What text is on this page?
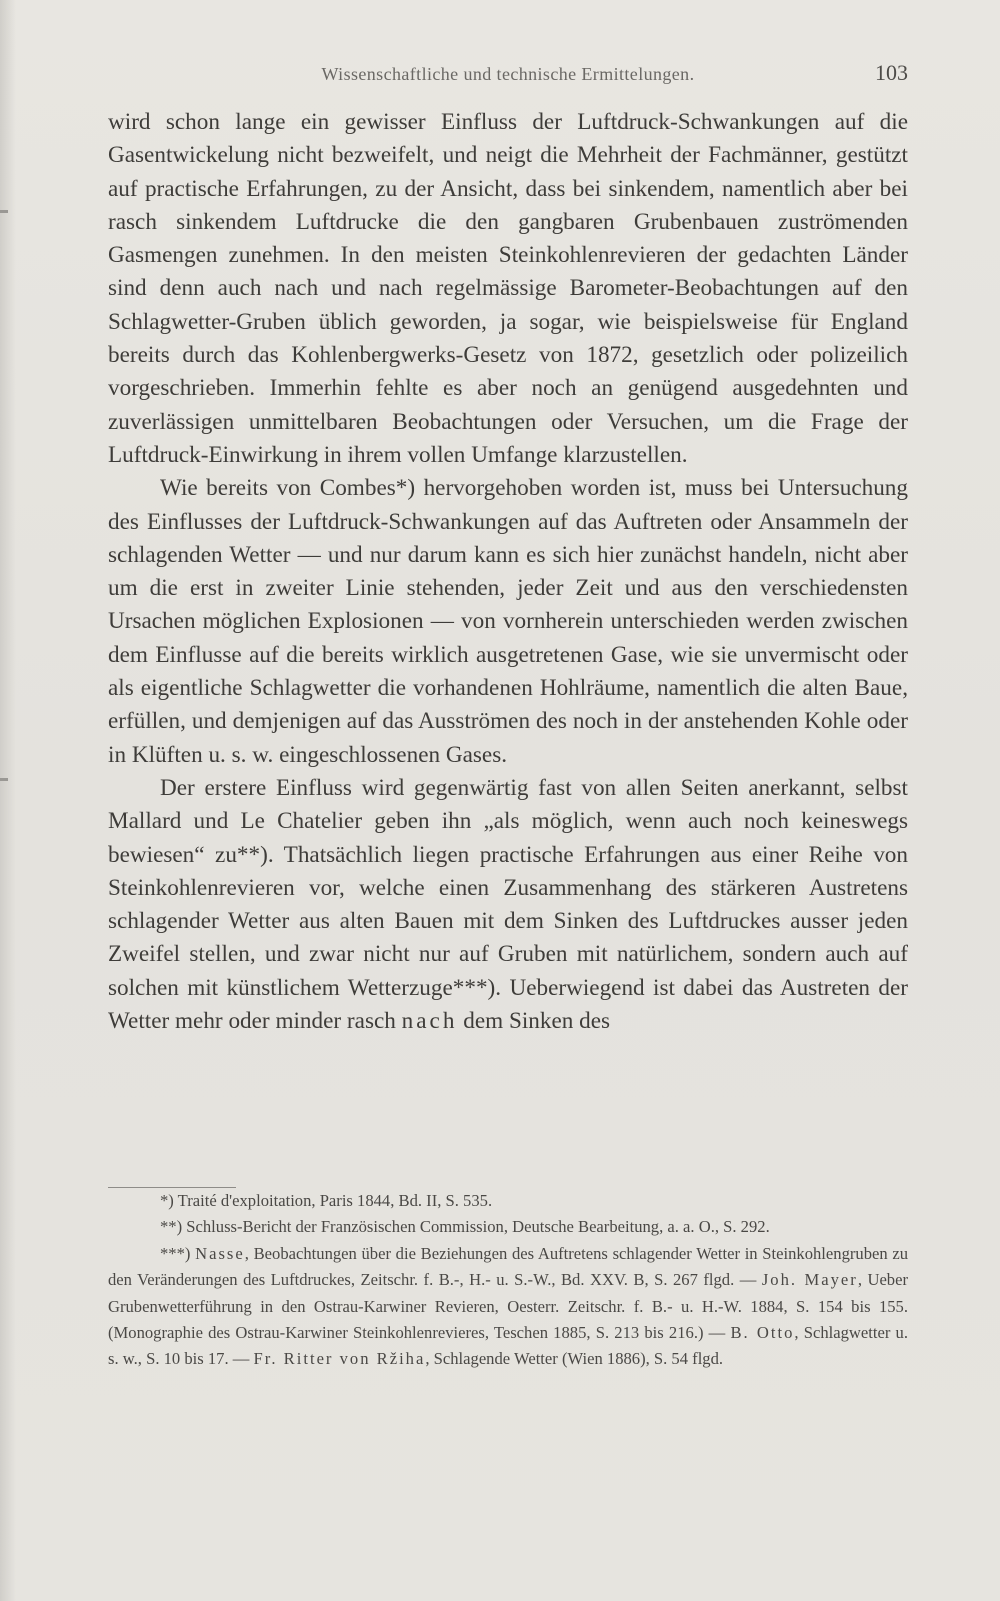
Wissenschaftliche und technische Ermittelungen.	103

wird schon lange ein gewisser Einfluss der Luftdruck-Schwankungen auf die Gasentwickelung nicht bezweifelt, und neigt die Mehrheit der Fachmänner, gestützt auf practische Erfahrungen, zu der Ansicht, dass bei sinkendem, namentlich aber bei rasch sinkendem Luftdrucke die den gangbaren Grubenbauen zuströmenden Gasmengen zunehmen. In den meisten Steinkohlenrevieren der gedachten Länder sind denn auch nach und nach regelmässige Barometer-Beobachtungen auf den Schlagwetter-Gruben üblich geworden, ja sogar, wie beispielsweise für England bereits durch das Kohlenbergwerks-Gesetz von 1872, gesetzlich oder polizeilich vorgeschrieben. Immerhin fehlte es aber noch an genügend ausgedehnten und zuverlässigen unmittelbaren Beobachtungen oder Versuchen, um die Frage der Luftdruck-Einwirkung in ihrem vollen Umfange klarzustellen.

Wie bereits von Combes*) hervorgehoben worden ist, muss bei Untersuchung des Einflusses der Luftdruck-Schwankungen auf das Auftreten oder Ansammeln der schlagenden Wetter — und nur darum kann es sich hier zunächst handeln, nicht aber um die erst in zweiter Linie stehenden, jeder Zeit und aus den verschiedensten Ursachen möglichen Explosionen — von vornherein unterschieden werden zwischen dem Einflusse auf die bereits wirklich ausgetretenen Gase, wie sie unvermischt oder als eigentliche Schlagwetter die vorhandenen Hohlräume, namentlich die alten Baue, erfüllen, und demjenigen auf das Ausströmen des noch in der anstehenden Kohle oder in Klüften u. s. w. eingeschlossenen Gases.

Der erstere Einfluss wird gegenwärtig fast von allen Seiten anerkannt, selbst Mallard und Le Chatelier geben ihn „als möglich, wenn auch noch keineswegs bewiesen“ zu**). Thatsächlich liegen practische Erfahrungen aus einer Reihe von Steinkohlenrevieren vor, welche einen Zusammenhang des stärkeren Austretens schlagender Wetter aus alten Bauen mit dem Sinken des Luftdruckes ausser jeden Zweifel stellen, und zwar nicht nur auf Gruben mit natürlichem, sondern auch auf solchen mit künstlichem Wetterzuge***). Ueberwiegend ist dabei das Austreten der Wetter mehr oder minder rasch nach dem Sinken des

*) Traité d'exploitation, Paris 1844, Bd. II, S. 535.

**) Schluss-Bericht der Französischen Commission, Deutsche Bearbeitung, a. a. O., S. 292.

***) Nasse, Beobachtungen über die Beziehungen des Auftretens schlagender Wetter in Steinkohlengruben zu den Veränderungen des Luftdruckes, Zeitschr. f. B.-, H.- u. S.-W., Bd. XXV. B, S. 267 flgd. — Joh. Mayer, Ueber Grubenwetterführung in den Ostrau-Karwiner Revieren, Oesterr. Zeitschr. f. B.- u. H.-W. 1884, S. 154 bis 155. (Monographie des Ostrau-Karwiner Steinkohlenrevieres, Teschen 1885, S. 213 bis 216.) — B. Otto, Schlagwetter u. s. w., S. 10 bis 17. — Fr. Ritter von Ržiha, Schlagende Wetter (Wien 1886), S. 54 flgd.
